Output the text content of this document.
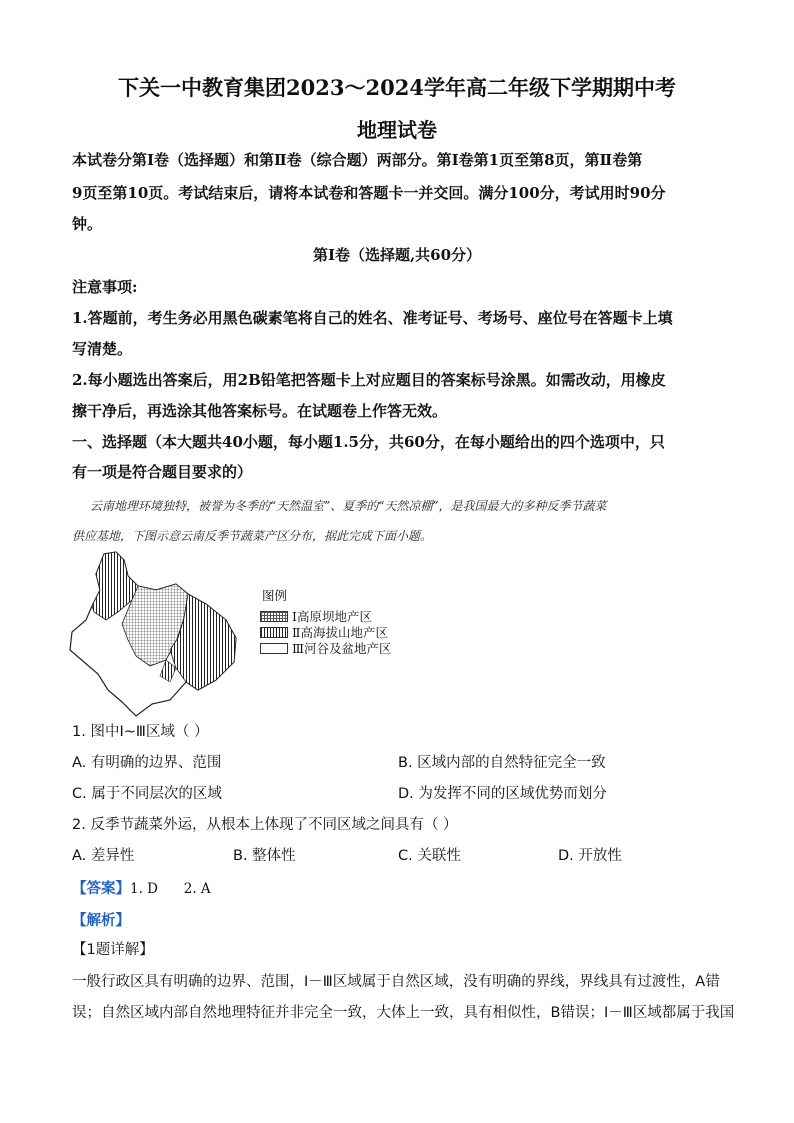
下关一中教育集团2023～2024学年高二年级下学期期中考
地理试卷
本试卷分第Ⅰ卷（选择题）和第Ⅱ卷（综合题）两部分。第Ⅰ卷第1页至第8页，第Ⅱ卷第
9页至第10页。考试结束后，请将本试卷和答题卡一并交回。满分100分，考试用时90分
钟。
第Ⅰ卷（选择题,共60分）
注意事项:
1.答题前，考生务必用黑色碳素笔将自己的姓名、准考证号、考场号、座位号在答题卡上填
写清楚。
2.每小题选出答案后，用2B铅笔把答题卡上对应题目的答案标号涂黑。如需改动，用橡皮
擦干净后，再选涂其他答案标号。在试题卷上作答无效。
一、选择题（本大题共40小题，每小题1.5分，共60分，在每小题给出的四个选项中，只
有一项是符合题目要求的）
云南地理环境独特，被誉为冬季的“天然温室”、夏季的“天然凉棚”，是我国最大的多种反季节蔬菜
供应基地，下图示意云南反季节蔬菜产区分布，据此完成下面小题。
图例
Ⅰ高原坝地产区
Ⅱ高海拔山地产区
Ⅲ河谷及盆地产区
1. 图中Ⅰ~Ⅲ区域（ ）
A. 有明确的边界、范围	B. 区域内部的自然特征完全一致
C. 属于不同层次的区域	D. 为发挥不同的区域优势而划分
2. 反季节蔬菜外运，从根本上体现了不同区域之间具有（ ）
A. 差异性	B. 整体性	C. 关联性	D. 开放性
【答案】 1. D      2. A
【解析】
【1题详解】
一般行政区具有明确的边界、范围，Ⅰ－Ⅲ区域属于自然区域，没有明确的界线，界线具有过渡性，A错
误；自然区域内部自然地理特征并非完全一致，大体上一致，具有相似性，B错误；Ⅰ－Ⅲ区域都属于我国
